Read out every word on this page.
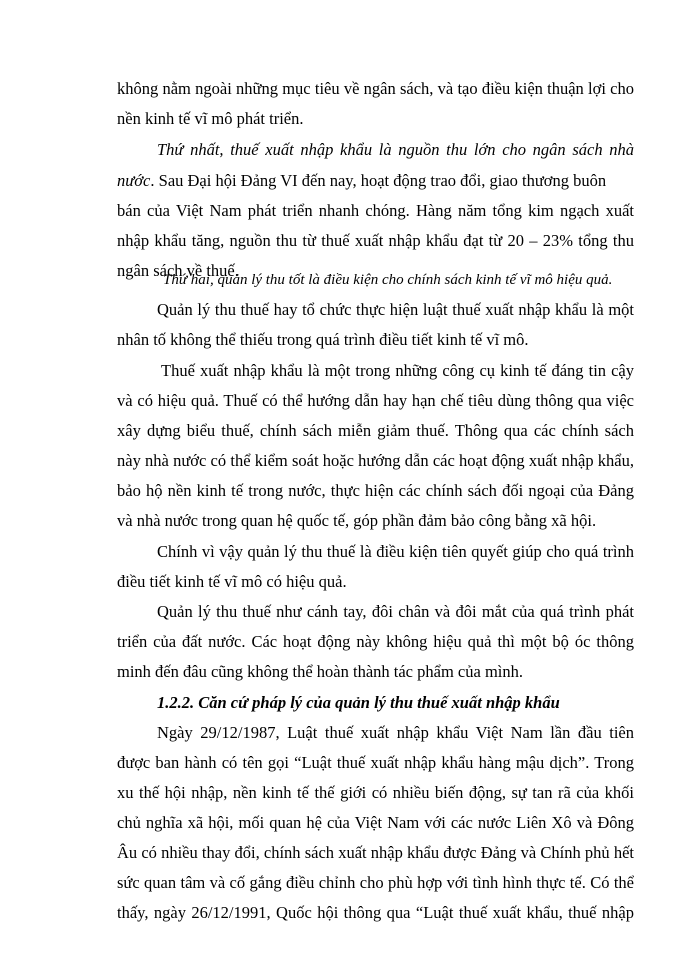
không nằm ngoài những mục tiêu về ngân sách, và tạo điều kiện thuận lợi cho
nền kinh tế vĩ mô phát triển.
Thứ nhất, thuế xuất nhập khẩu là nguồn thu lớn cho ngân sách nhà
nước. Sau Đại hội Đảng VI đến nay, hoạt động trao đổi, giao thương buôn
bán của Việt Nam phát triển nhanh chóng. Hàng năm tổng kim ngạch xuất
nhập khẩu tăng, nguồn thu từ thuế xuất nhập khẩu đạt từ 20 – 23% tổng thu
ngân sách về thuế.
Thứ hai, quản lý thu tốt là điều kiện cho chính sách kinh tế vĩ mô hiệu quả.
Quản lý thu thuế hay tổ chức thực hiện luật thuế xuất nhập khẩu là một
nhân tố không thể thiếu trong quá trình điều tiết kinh tế vĩ mô.
Thuế xuất nhập khẩu là một trong những công cụ kinh tế đáng tin cậy
và có hiệu quả. Thuế có thể hướng dẫn hay hạn chế tiêu dùng thông qua việc
xây dựng biểu thuế, chính sách miễn giảm thuế. Thông qua các chính sách
này nhà nước có thể kiểm soát hoặc hướng dẫn các hoạt động xuất nhập khẩu,
bảo hộ nền kinh tế trong nước, thực hiện các chính sách đối ngoại của Đảng
và nhà nước trong quan hệ quốc tế, góp phần đảm bảo công bằng xã hội.
Chính vì vậy quản lý thu thuế là điều kiện tiên quyết giúp cho quá trình
điều tiết kinh tế vĩ mô có hiệu quả.
Quản lý thu thuế như cánh tay, đôi chân và đôi mắt của quá trình phát
triển của đất nước. Các hoạt động này không hiệu quả thì một bộ óc thông
minh đến đâu cũng không thể hoàn thành tác phẩm của mình.
1.2.2. Căn cứ pháp lý của quản lý thu thuế xuất nhập khẩu
Ngày 29/12/1987, Luật thuế xuất nhập khẩu Việt Nam lần đầu tiên
được ban hành có tên gọi “Luật thuế xuất nhập khẩu hàng mậu dịch”. Trong
xu thế hội nhập, nền kinh tế thế giới có nhiều biến động, sự tan rã của khối
chủ nghĩa xã hội, mối quan hệ của Việt Nam với các nước Liên Xô và Đông
Âu có nhiều thay đổi, chính sách xuất nhập khẩu được Đảng và Chính phủ hết
sức quan tâm và cố gắng điều chỉnh cho phù hợp với tình hình thực tế. Có thể
thấy, ngày 26/12/1991, Quốc hội thông qua “Luật thuế xuất khẩu, thuế nhập
